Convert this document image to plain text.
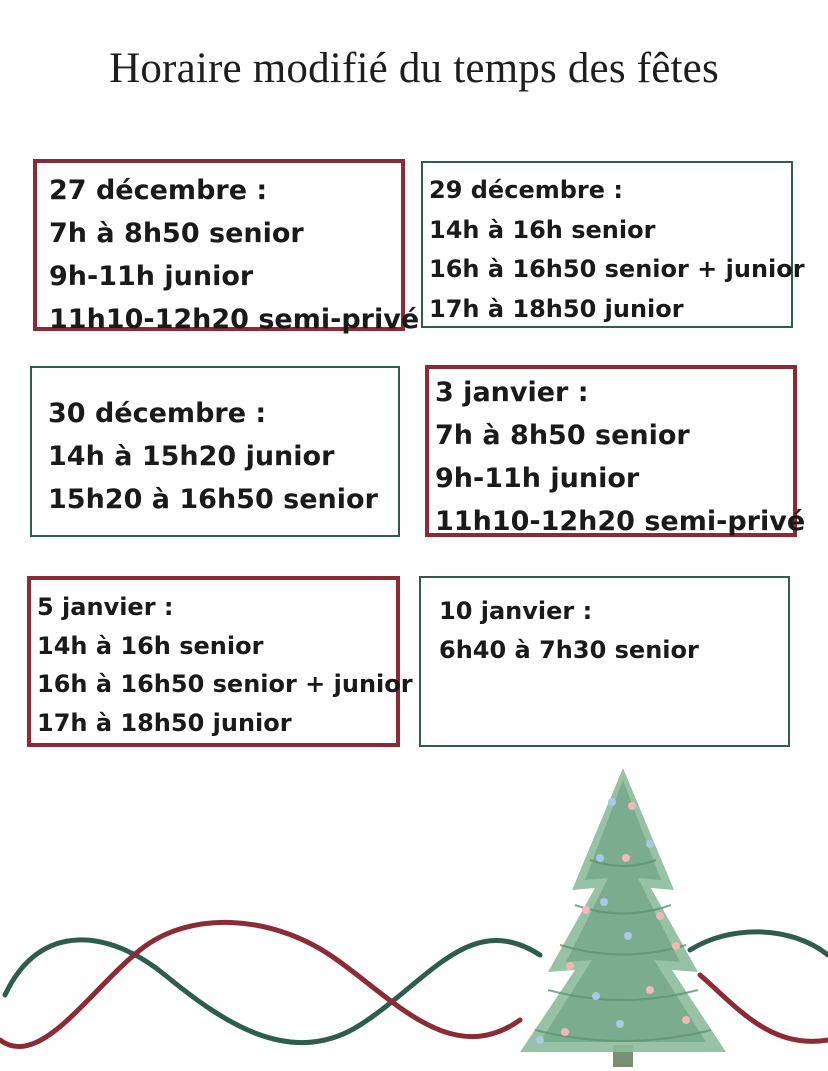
Horaire modifié du temps des fêtes
27 décembre :
7h à 8h50 senior
9h-11h junior
11h10-12h20 semi-privé
29 décembre :
14h à 16h senior
16h à 16h50 senior + junior
17h à 18h50 junior
30 décembre :
14h à 15h20 junior
15h20 à 16h50 senior
3 janvier :
7h à 8h50 senior
9h-11h junior
11h10-12h20 semi-privé
5 janvier :
14h à 16h senior
16h à 16h50 senior + junior
17h à 18h50 junior
10 janvier :
6h40 à 7h30 senior
